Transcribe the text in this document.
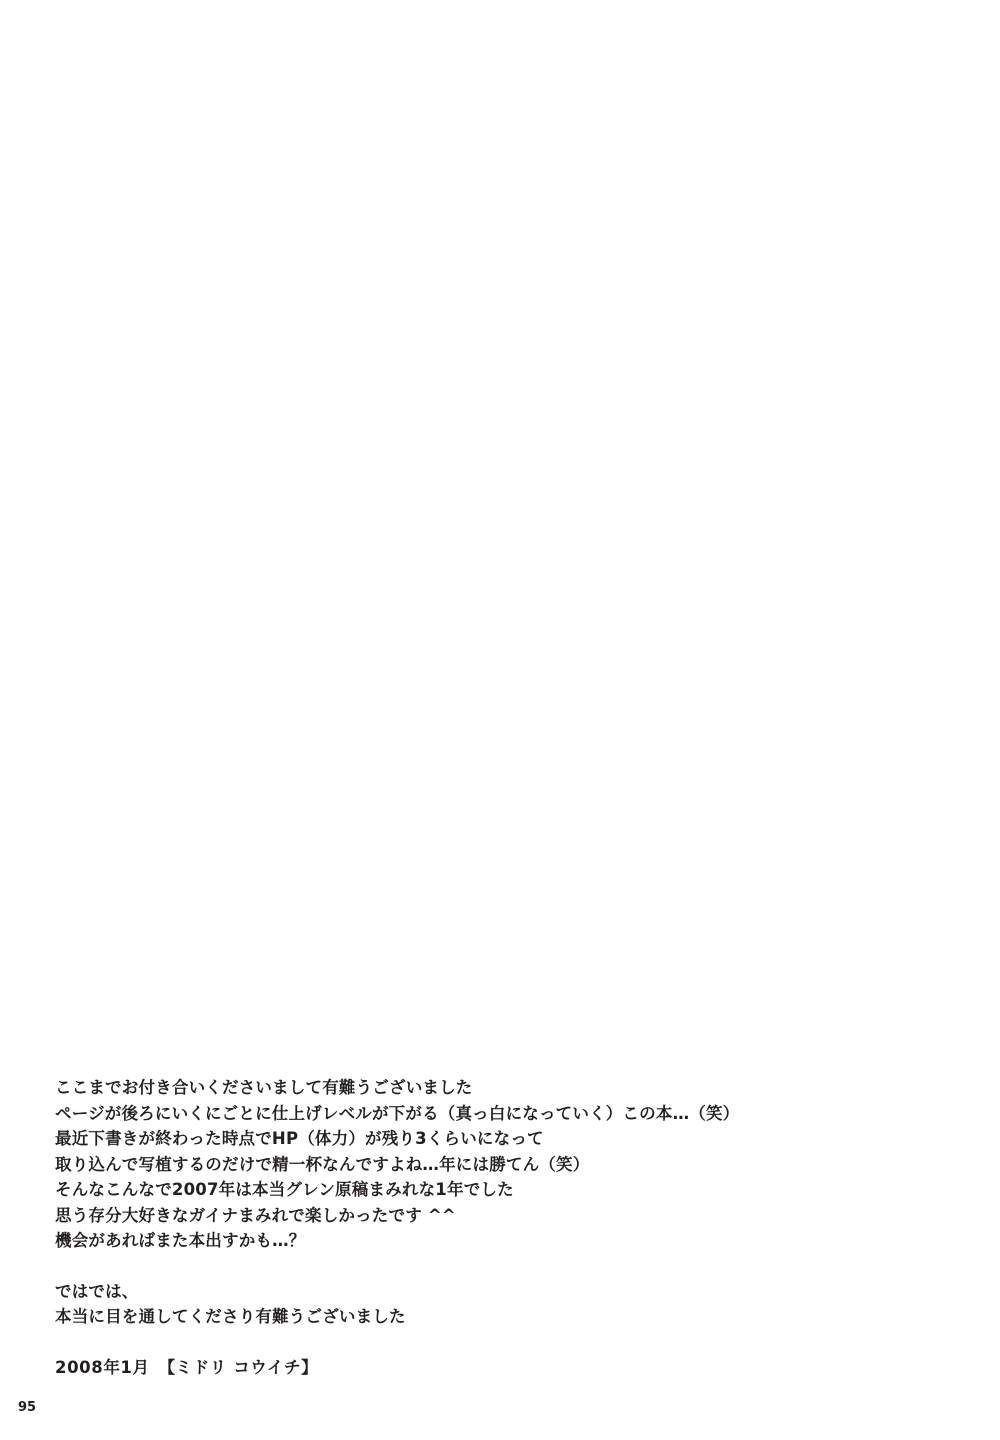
ここまでお付き合いくださいまして有難うございました

ページが後ろにいくにごとに仕上げレベルが下がる（真っ白になっていく）この本…（笑）

最近下書きが終わった時点でHP（体力）が残り3くらいになって

取り込んで写植するのだけで精一杯なんですよね…年には勝てん（笑）

そんなこんなで2007年は本当グレン原稿まみれな1年でした

思う存分大好きなガイナまみれで楽しかったです ^^

機会があればまた本出すかも…？

ではでは、

本当に目を通してくださり有難うございました

2008年1月　【ミドリ コウイチ】

95
